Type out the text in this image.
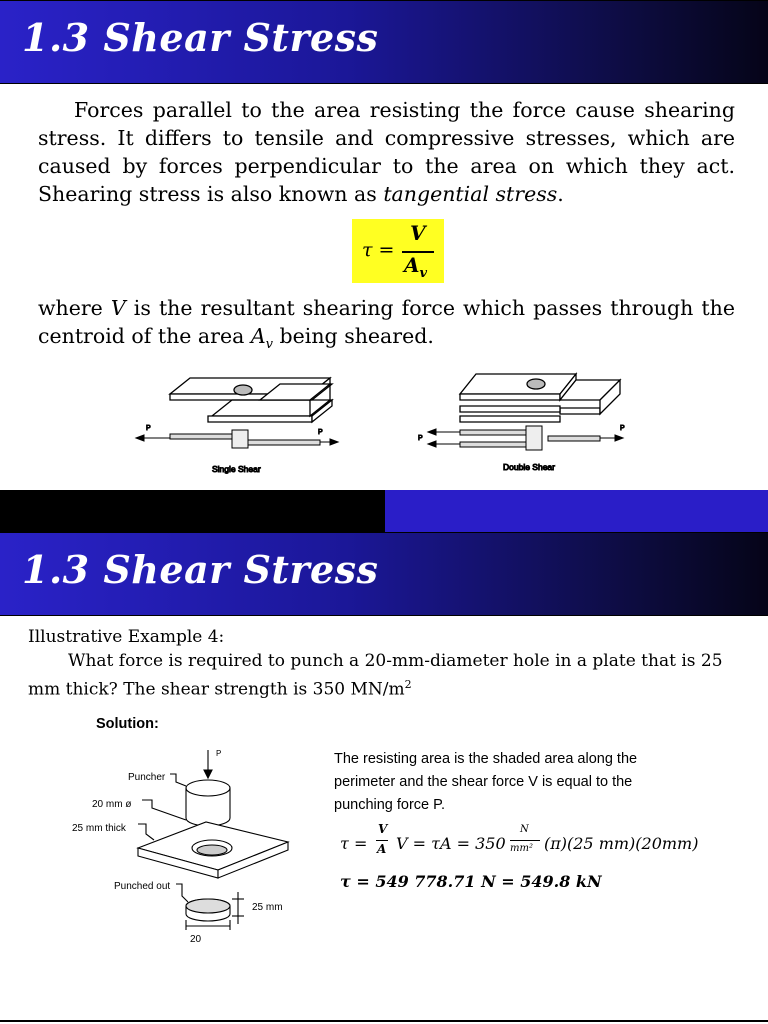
1.3 Shear Stress
Forces parallel to the area resisting the force cause shearing stress. It differs to tensile and compressive stresses, which are caused by forces perpendicular to the area on which they act. Shearing stress is also known as tangential stress.
τ =
V
$A_v$
where V is the resultant shearing force which passes through the centroid of the area $A_v$ being sheared.
P
P
Single Shear
P
P
Double Shear
1.3 Shear Stress
Illustrative Example 4:
What force is required to punch a 20-mm-diameter hole in a plate that is 25
mm thick? The shear strength is 350 $MN/m^2$
Solution:
P
Puncher
20 mm ø
25 mm thick
Punched out
25 mm
20
The resisting area is the shaded area along the perimeter and the shear force V is equal to the punching force P.
τ =
V
A V = τA = 350
N
mm² (π)(25 mm)(20mm)
τ = 549 778.71 N = 549.8 kN
